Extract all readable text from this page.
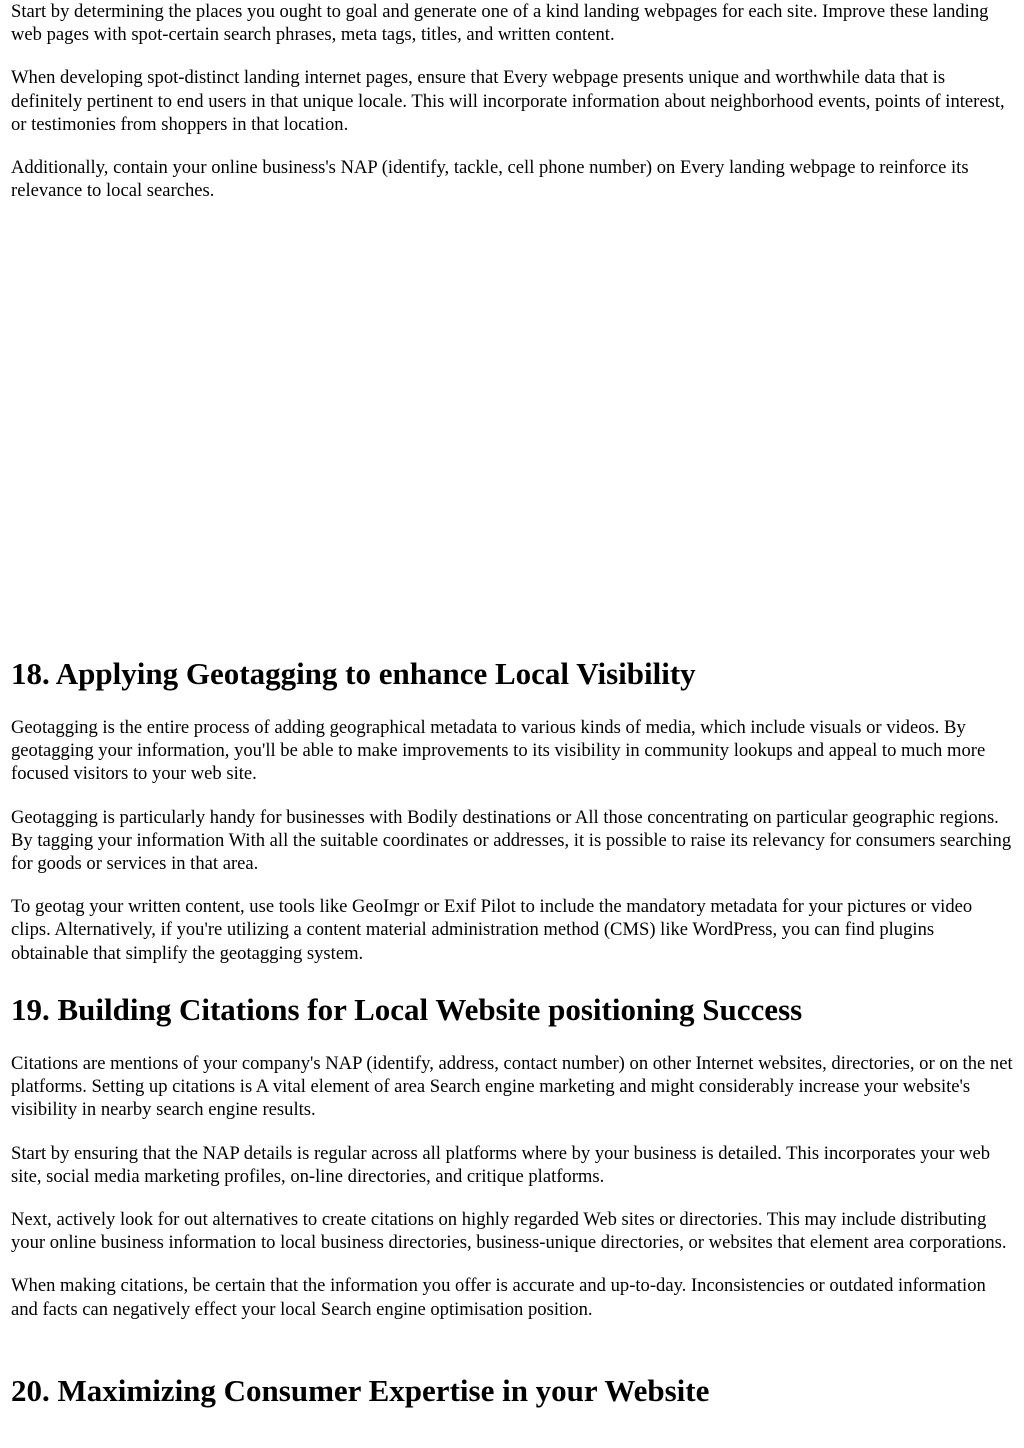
Start by determining the places you ought to goal and generate one of a kind landing webpages for each site. Improve these landing web pages with spot-certain search phrases, meta tags, titles, and written content.

When developing spot-distinct landing internet pages, ensure that Every webpage presents unique and worthwhile data that is definitely pertinent to end users in that unique locale. This will incorporate information about neighborhood events, points of interest, or testimonies from shoppers in that location.

Additionally, contain your online business's NAP (identify, tackle, cell phone number) on Every landing webpage to reinforce its relevance to local searches.

18. Applying Geotagging to enhance Local Visibility

Geotagging is the entire process of adding geographical metadata to various kinds of media, which include visuals or videos. By geotagging your information, you'll be able to make improvements to its visibility in community lookups and appeal to much more focused visitors to your web site.

Geotagging is particularly handy for businesses with Bodily destinations or All those concentrating on particular geographic regions. By tagging your information With all the suitable coordinates or addresses, it is possible to raise its relevancy for consumers searching for goods or services in that area.

To geotag your written content, use tools like GeoImgr or Exif Pilot to include the mandatory metadata for your pictures or video clips. Alternatively, if you're utilizing a content material administration method (CMS) like WordPress, you can find plugins obtainable that simplify the geotagging system.

19. Building Citations for Local Website positioning Success

Citations are mentions of your company's NAP (identify, address, contact number) on other Internet websites, directories, or on the net platforms. Setting up citations is A vital element of area Search engine marketing and might considerably increase your website's visibility in nearby search engine results.

Start by ensuring that the NAP details is regular across all platforms where by your business is detailed. This incorporates your web site, social media marketing profiles, on-line directories, and critique platforms.

Next, actively look for out alternatives to create citations on highly regarded Web sites or directories. This may include distributing your online business information to local business directories, business-unique directories, or websites that element area corporations.

When making citations, be certain that the information you offer is accurate and up-to-day. Inconsistencies or outdated information and facts can negatively effect your local Search engine optimisation position.

20. Maximizing Consumer Expertise in your Website
